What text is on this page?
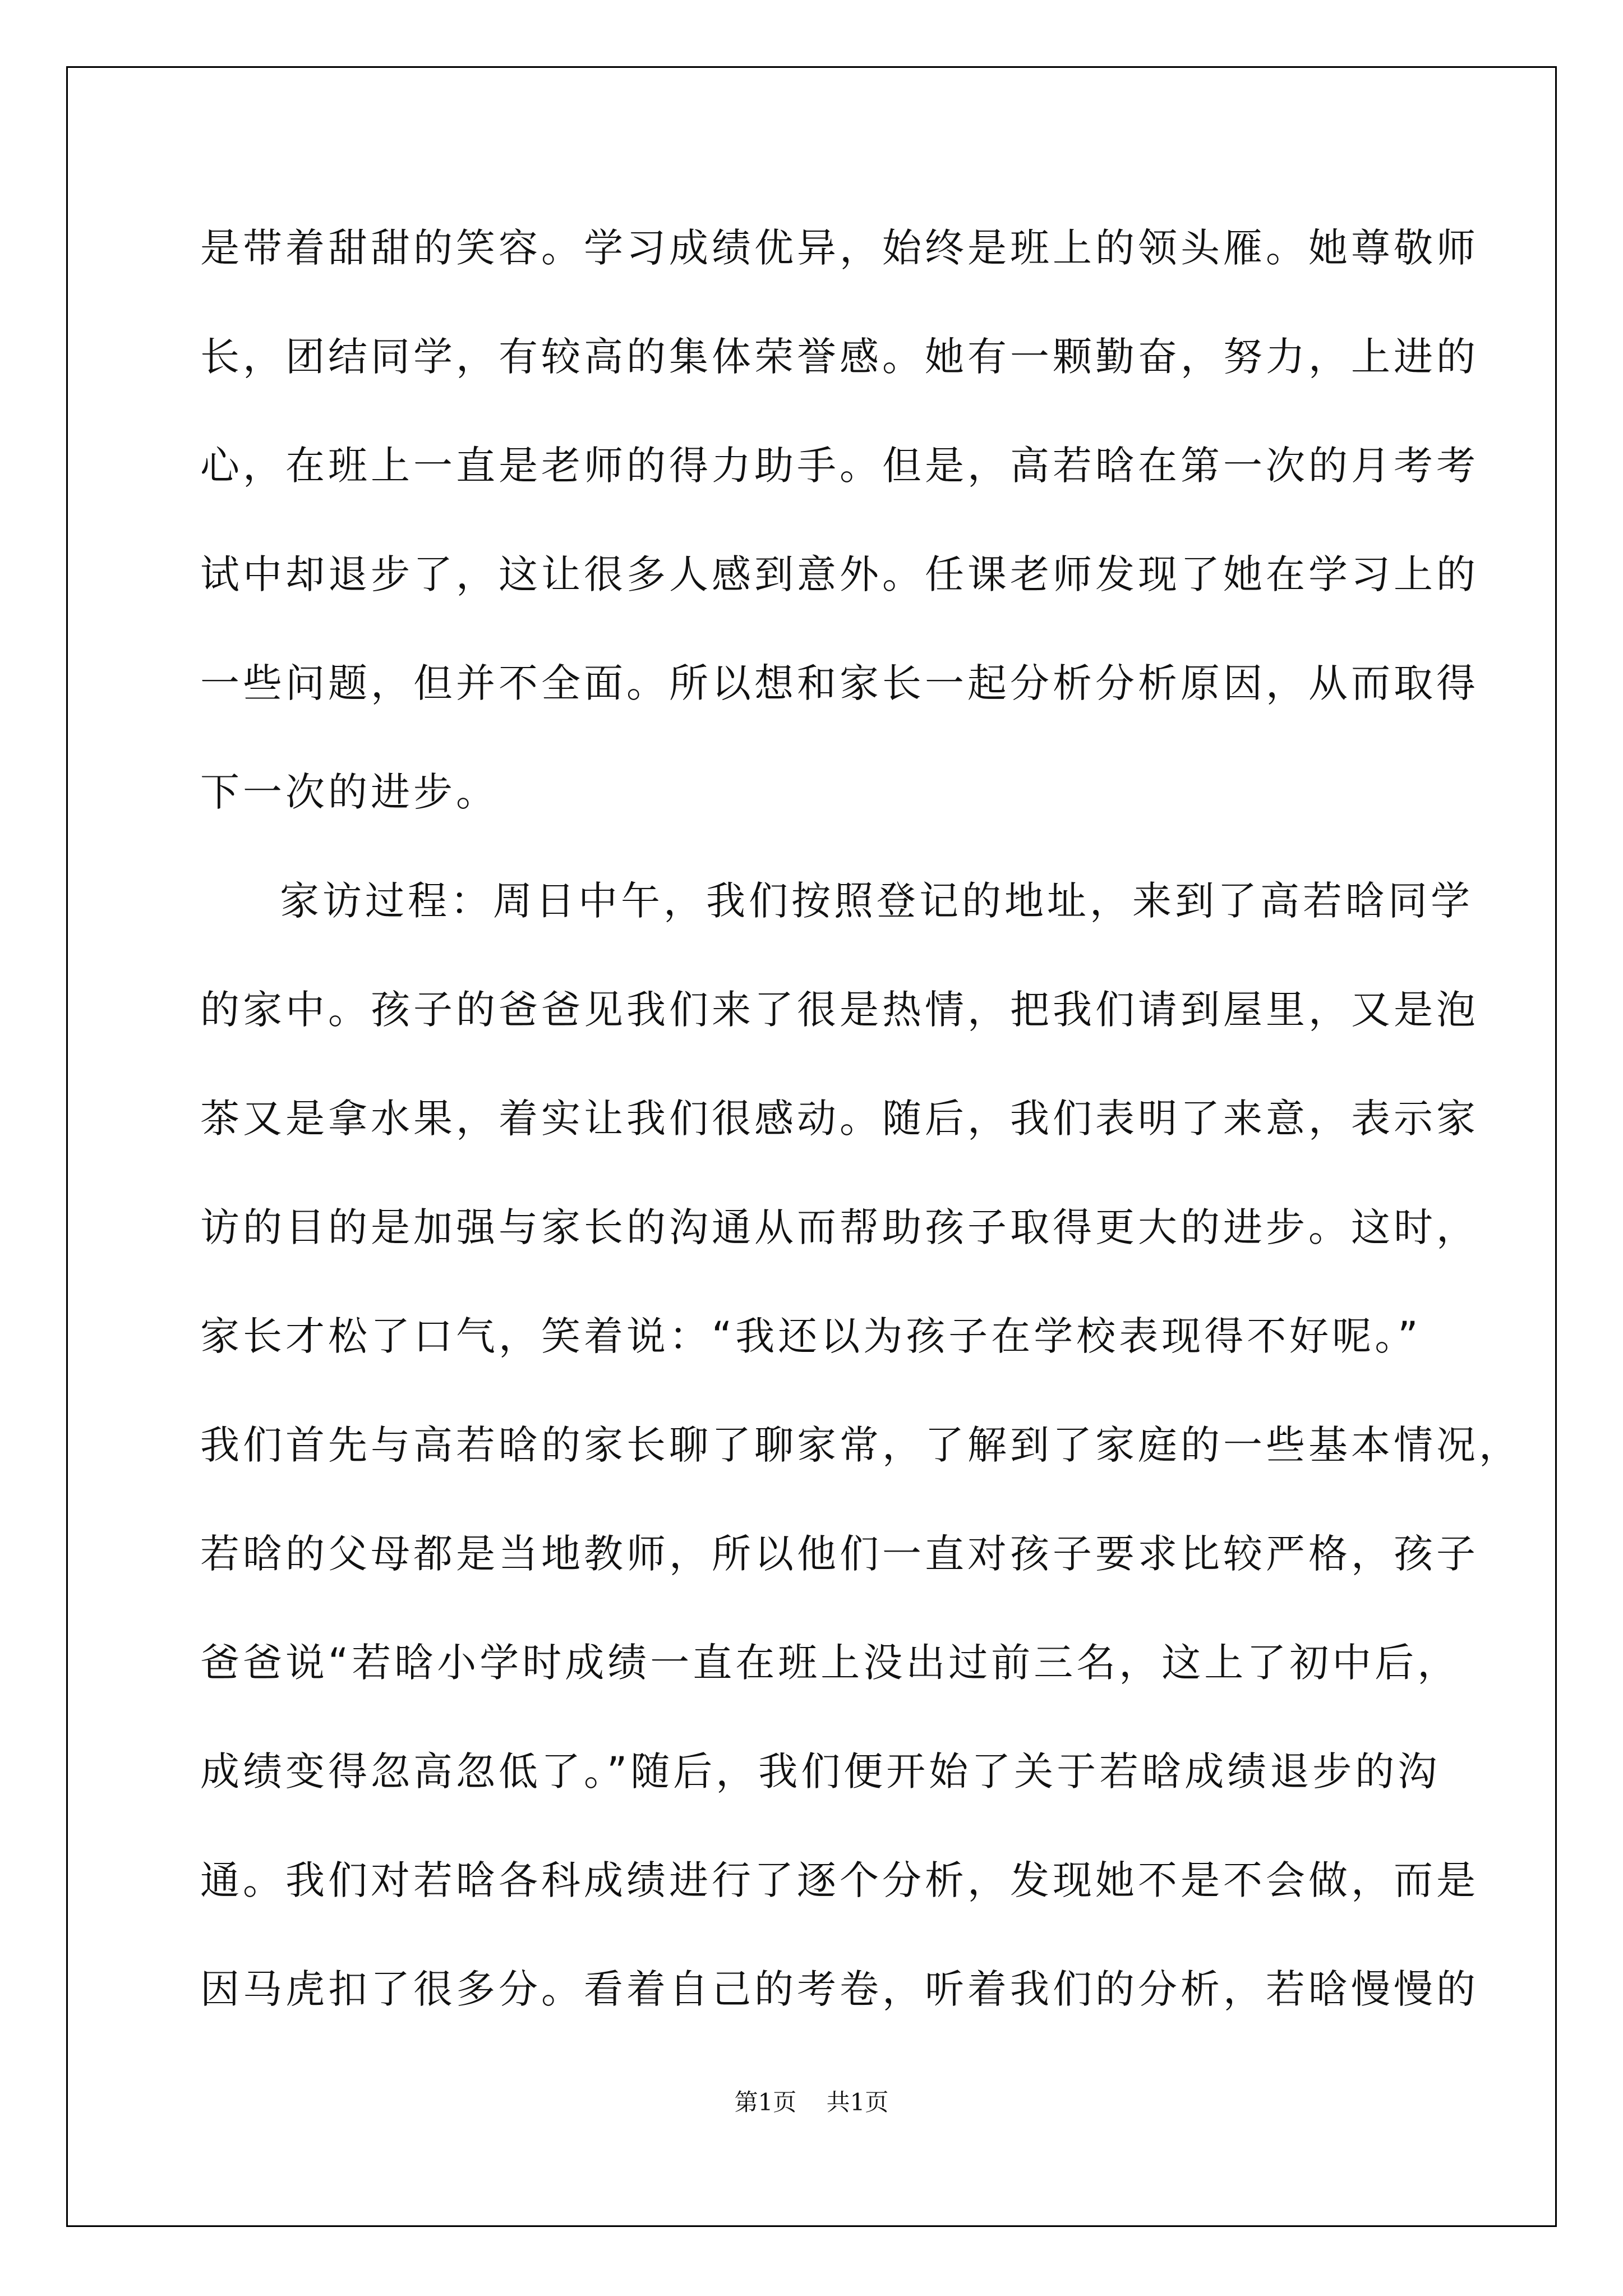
是带着甜甜的笑容。学习成绩优异，始终是班上的领头雁。她尊敬师
长，团结同学，有较高的集体荣誉感。她有一颗勤奋，努力，上进的
心，在班上一直是老师的得力助手。但是，高若晗在第一次的月考考
试中却退步了，这让很多人感到意外。任课老师发现了她在学习上的
一些问题，但并不全面。所以想和家长一起分析分析原因，从而取得
下一次的进步。
家访过程：周日中午，我们按照登记的地址，来到了高若晗同学
的家中。孩子的爸爸见我们来了很是热情，把我们请到屋里，又是泡
茶又是拿水果，着实让我们很感动。随后，我们表明了来意，表示家
访的目的是加强与家长的沟通从而帮助孩子取得更大的进步。这时，
家长才松了口气，笑着说：“我还以为孩子在学校表现得不好呢。”
我们首先与高若晗的家长聊了聊家常，了解到了家庭的一些基本情况，
若晗的父母都是当地教师，所以他们一直对孩子要求比较严格，孩子
爸爸说“若晗小学时成绩一直在班上没出过前三名，这上了初中后，
成绩变得忽高忽低了。”随后，我们便开始了关于若晗成绩退步的沟
通。我们对若晗各科成绩进行了逐个分析，发现她不是不会做，而是
因马虎扣了很多分。看着自己的考卷，听着我们的分析，若晗慢慢的
第1页    共1页
